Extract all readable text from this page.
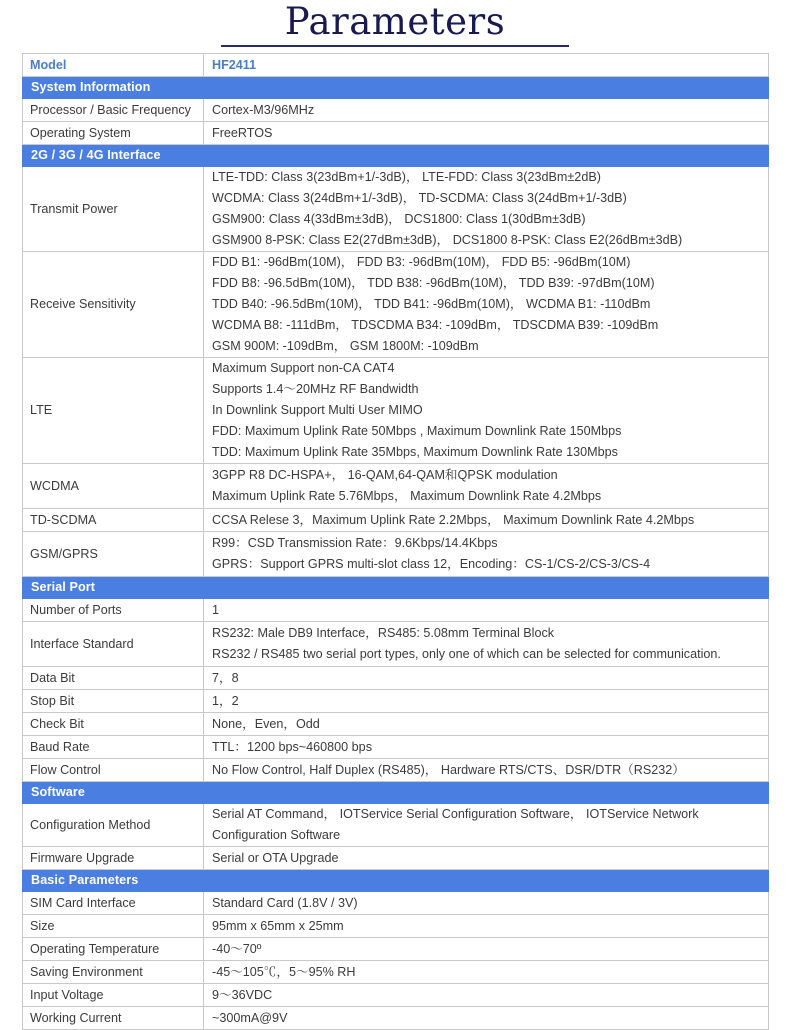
Parameters
Model	HF2411
System Information	
Processor / Basic Frequency	Cortex-M3/96MHz

Operating System	FreeRTOS

2G / 3G / 4G Interface	
Transmit Power	LTE-TDD: Class 3(23dBm+1/-3dB)， LTE-FDD: Class 3(23dBm±2dB)
WCDMA: Class 3(24dBm+1/-3dB)， TD-SCDMA: Class 3(24dBm+1/-3dB)
GSM900: Class 4(33dBm±3dB)， DCS1800: Class 1(30dBm±3dB)
GSM900 8-PSK: Class E2(27dBm±3dB)， DCS1800 8-PSK: Class E2(26dBm±3dB)

Receive Sensitivity	FDD B1: -96dBm(10M)， FDD B3: -96dBm(10M)， FDD B5: -96dBm(10M)
FDD B8: -96.5dBm(10M)， TDD B38: -96dBm(10M)， TDD B39: -97dBm(10M)
TDD B40: -96.5dBm(10M)， TDD B41: -96dBm(10M)， WCDMA B1: -110dBm
WCDMA B8: -111dBm， TDSCDMA B34: -109dBm， TDSCDMA B39: -109dBm
GSM 900M: -109dBm， GSM 1800M: -109dBm

LTE	Maximum Support non-CA CAT4
Supports 1.4～20MHz RF Bandwidth
In Downlink Support Multi User MIMO
FDD: Maximum Uplink Rate 50Mbps , Maximum Downlink Rate 150Mbps
TDD: Maximum Uplink Rate 35Mbps, Maximum Downlink Rate 130Mbps

WCDMA	3GPP R8 DC-HSPA+， 16-QAM,64-QAM和QPSK modulation
Maximum Uplink Rate 5.76Mbps， Maximum Downlink Rate 4.2Mbps

TD-SCDMA	CCSA Relese 3，Maximum Uplink Rate 2.2Mbps， Maximum Downlink Rate 4.2Mbps

GSM/GPRS	R99：CSD Transmission Rate：9.6Kbps/14.4Kbps
GPRS：Support GPRS multi-slot class 12，Encoding：CS-1/CS-2/CS-3/CS-4

Serial Port	
Number of Ports	1

Interface Standard	RS232: Male DB9 Interface，RS485: 5.08mm Terminal Block
RS232 / RS485 two serial port types, only one of which can be selected for communication.

Data Bit	7，8

Stop Bit	1，2

Check Bit	None，Even，Odd

Baud Rate	TTL：1200 bps~460800 bps

Flow Control	No Flow Control, Half Duplex (RS485)， Hardware RTS/CTS、DSR/DTR（RS232）

Software	
Configuration Method	Serial AT Command， IOTService Serial Configuration Software， IOTService Network Configuration Software

Firmware Upgrade	Serial or OTA Upgrade

Basic Parameters	
SIM Card Interface	Standard Card (1.8V / 3V)

Size	95mm x 65mm x 25mm

Operating Temperature	-40～70º

Saving Environment	-45～105℃，5～95% RH

Input Voltage	9～36VDC

Working Current	~300mA@9V
